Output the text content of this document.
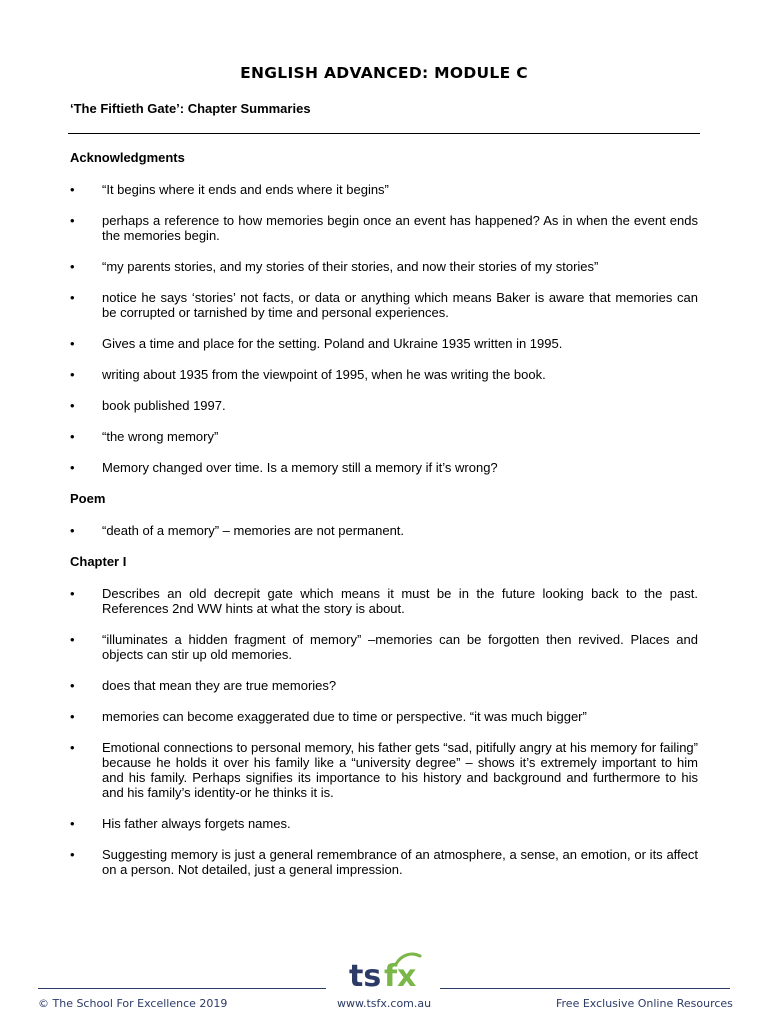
ENGLISH ADVANCED: MODULE C
‘The Fiftieth Gate’: Chapter Summaries
Acknowledgments
• “It begins where it ends and ends where it begins”
• perhaps a reference to how memories begin once an event has happened? As in when the event ends the memories begin.
• “my parents stories, and my stories of their stories, and now their stories of my stories”
• notice he says ‘stories’ not facts, or data or anything which means Baker is aware that memories can be corrupted or tarnished by time and personal experiences.
• Gives a time and place for the setting. Poland and Ukraine 1935 written in 1995.
• writing about 1935 from the viewpoint of 1995, when he was writing the book.
• book published 1997.
• “the wrong memory”
• Memory changed over time. Is a memory still a memory if it’s wrong?
Poem
• “death of a memory” – memories are not permanent.
Chapter I
• Describes an old decrepit gate which means it must be in the future looking back to the past. References 2nd WW hints at what the story is about.
• “illuminates a hidden fragment of memory” –memories can be forgotten then revived. Places and objects can stir up old memories.
• does that mean they are true memories?
• memories can become exaggerated due to time or perspective. “it was much bigger”
• Emotional connections to personal memory, his father gets “sad, pitifully angry at his memory for failing” because he holds it over his family like a “university degree” – shows it’s extremely important to him and his family. Perhaps signifies its importance to his history and background and furthermore to his and his family’s identity-or he thinks it is.
• His father always forgets names.
• Suggesting memory is just a general remembrance of an atmosphere, a sense, an emotion, or its affect on a person. Not detailed, just a general impression.
ts fx
© The School For Excellence 2019	www.tsfx.com.au	Free Exclusive Online Resources
